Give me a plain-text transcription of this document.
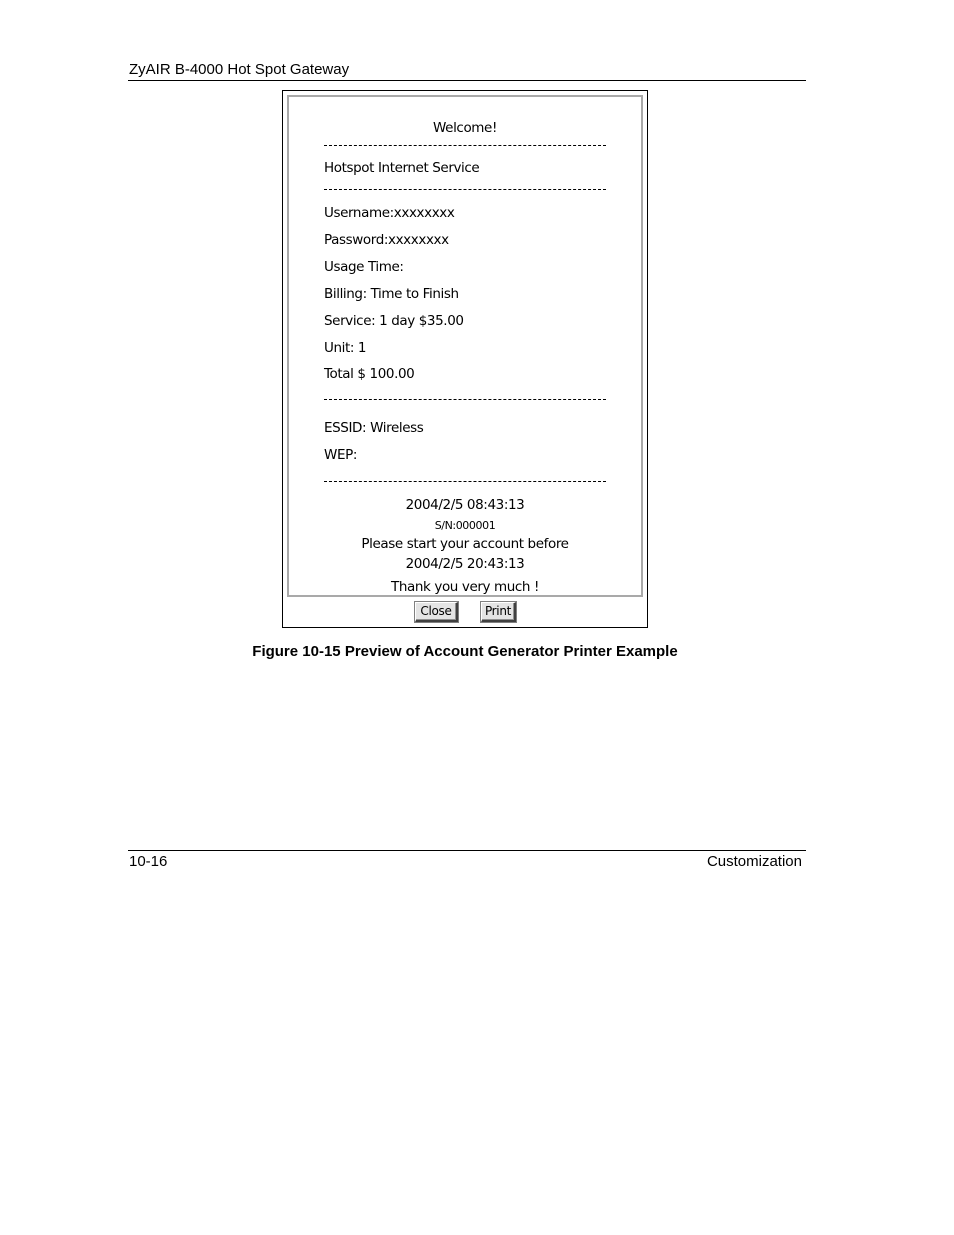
ZyAIR B-4000 Hot Spot Gateway
Welcome!
Hotspot Internet Service
Username:xxxxxxxx
Password:xxxxxxxx
Usage Time:
Billing: Time to Finish
Service: 1 day $35.00
Unit: 1
Total $ 100.00
ESSID: Wireless
WEP:
2004/2/5 08:43:13
S/N:000001
Please start your account before
2004/2/5 20:43:13
Thank you very much !
Close	Print
Figure 10-15 Preview of Account Generator Printer Example
10-16	Customization
